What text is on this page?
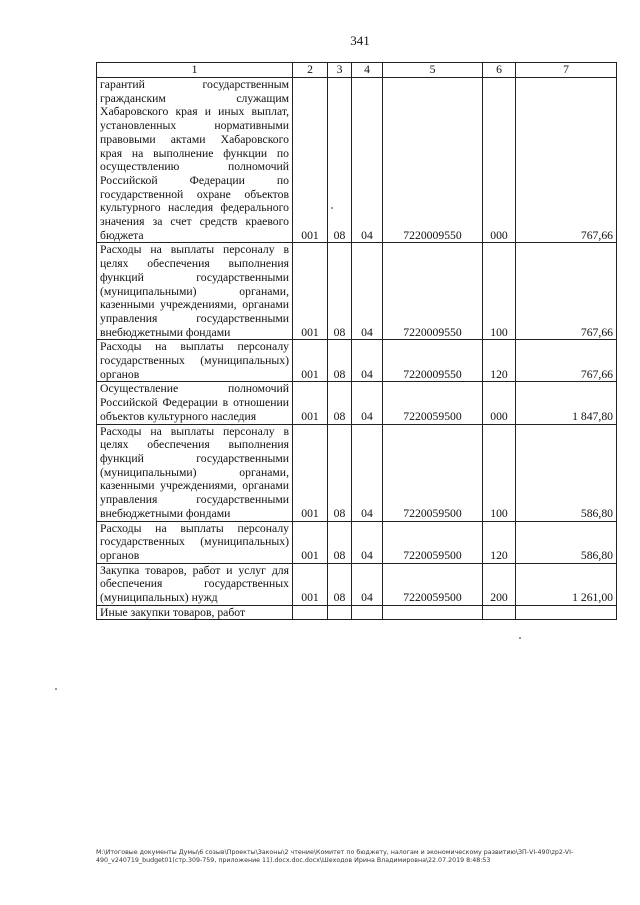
341
1	2	3	4	5	6	7
гарантий государственным гражданским служащим Хабаровского края и иных выплат, установленных нормативными правовыми актами Хабаровского края на выполнение функции по осуществлению полномочий Российской Федерации по государственной охране объектов культурного наследия федерального значения за счет средств краевого бюджета	001	08	04	7220009550	000	767,66
Расходы на выплаты персоналу в целях обеспечения выполнения функций государственными (муниципальными) органами, казенными учреждениями, органами управления государственными внебюджетными фондами	001	08	04	7220009550	100	767,66
Расходы на выплаты персоналу государственных (муниципальных) органов	001	08	04	7220009550	120	767,66
Осуществление полномочий Российской Федерации в отношении объектов культурного наследия	001	08	04	7220059500	000	1 847,80
Расходы на выплаты персоналу в целях обеспечения выполнения функций государственными (муниципальными) органами, казенными учреждениями, органами управления государственными внебюджетными фондами	001	08	04	7220059500	100	586,80
Расходы на выплаты персоналу государственных (муниципальных) органов	001	08	04	7220059500	120	586,80
Закупка товаров, работ и услуг для обеспечения государственных (муниципальных) нужд	001	08	04	7220059500	200	1 261,00
Иные закупки товаров, работ						
M:\Итоговые документы Думы\6 созыв\Проекты\Законы\2 чтение\Комитет по бюджету, налогам и экономическому развитию\ЗП-VI-490\zp2-VI-490_v240719_budget01(стр.309-759, приложение 11).docx.doc.docx\Шеходов Ирина Владимировна\22.07.2019 8:48:53
